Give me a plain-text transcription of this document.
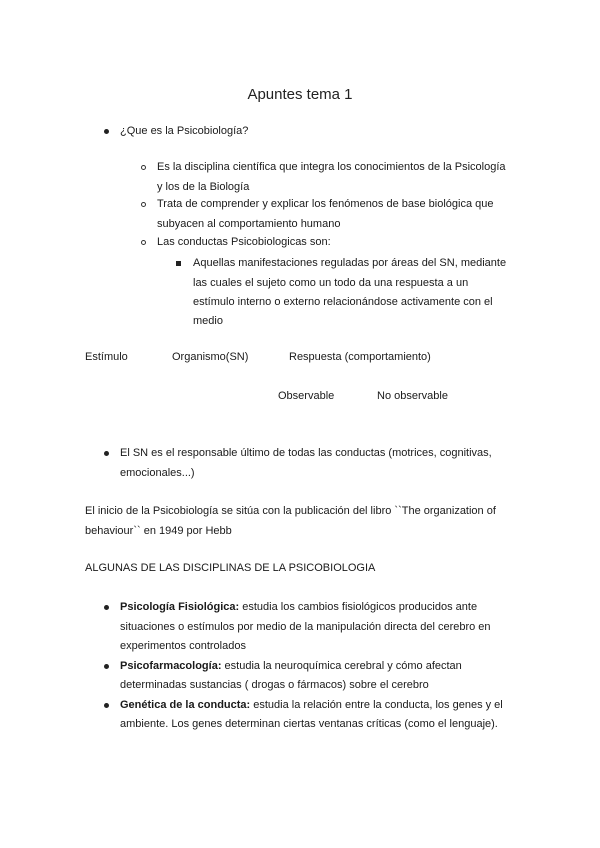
Apuntes tema 1
¿Que es la Psicobiología?
Es la disciplina científica que integra los conocimientos de la Psicología
y los de la Biología
Trata de comprender y explicar los fenómenos de base biológica que
subyacen al comportamiento humano
Las conductas Psicobiologicas son:
Aquellas manifestaciones reguladas por áreas del SN, mediante
las cuales el sujeto como un todo da una respuesta a un
estímulo interno o externo relacionándose activamente con el
medio
Estímulo	Organismo(SN)	Respuesta (comportamiento)
Observable	No observable
El SN es el responsable último de todas las conductas (motrices, cognitivas,
emocionales...)
El inicio de la Psicobiología se sitúa con la publicación del libro ``The organization of
behaviour`` en 1949 por Hebb
ALGUNAS DE LAS DISCIPLINAS DE LA PSICOBIOLOGIA
Psicología Fisiológica: estudia los cambios fisiológicos producidos ante
situaciones o estímulos por medio de la manipulación directa del cerebro en
experimentos controlados
Psicofarmacología: estudia la neuroquímica cerebral y cómo afectan
determinadas sustancias ( drogas o fármacos) sobre el cerebro
Genética de la conducta: estudia la relación entre la conducta, los genes y el
ambiente. Los genes determinan ciertas ventanas críticas (como el lenguaje).
